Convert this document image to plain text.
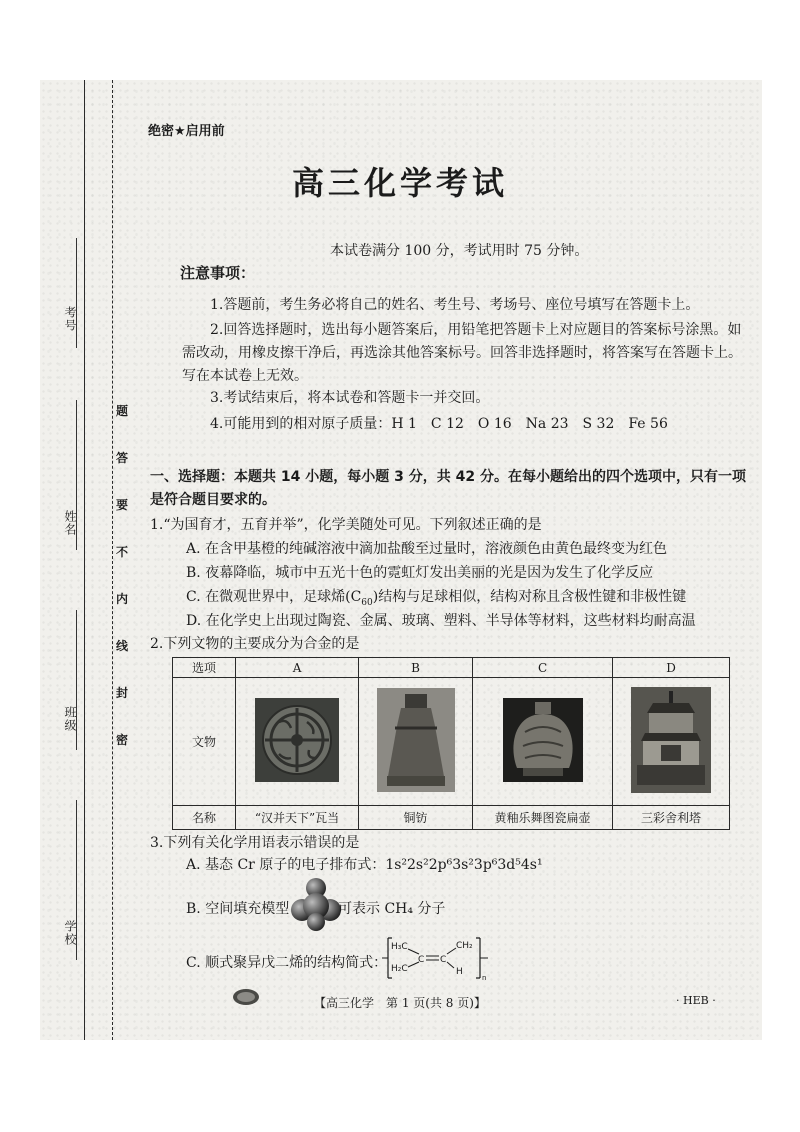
考号
姓名
班级
学校
题
答
要
不
内
线
封
密
绝密★启用前
高三化学考试
本试卷满分 100 分，考试用时 75 分钟。
注意事项：
1.答题前，考生务必将自己的姓名、考生号、考场号、座位号填写在答题卡上。
2.回答选择题时，选出每小题答案后，用铅笔把答题卡上对应题目的答案标号涂黑。如需改动，用橡皮擦干净后，再选涂其他答案标号。回答非选择题时，将答案写在答题卡上。写在本试卷上无效。
3.考试结束后，将本试卷和答题卡一并交回。
4.可能用到的相对原子质量：H 1　C 12　O 16　Na 23　S 32　Fe 56
一、选择题：本题共 14 小题，每小题 3 分，共 42 分。在每小题给出的四个选项中，只有一项是符合题目要求的。
1.“为国育才，五育并举”，化学美随处可见。下列叙述正确的是
A. 在含甲基橙的纯碱溶液中滴加盐酸至过量时，溶液颜色由黄色最终变为红色
B. 夜幕降临，城市中五光十色的霓虹灯发出美丽的光是因为发生了化学反应
C. 在微观世界中，足球烯$(C_{60})$结构与足球相似，结构对称且含极性键和非极性键
D. 在化学史上出现过陶瓷、金属、玻璃、塑料、半导体等材料，这些材料均耐高温
2.下列文物的主要成分为合金的是
选项	A	B	C	D
文物				
名称	“汉并天下”瓦当	铜钫	黄釉乐舞图瓷扁壶	三彩舍利塔
3.下列有关化学用语表示错误的是
A. 基态 Cr 原子的电子排布式：1s²2s²2p⁶3s²3p⁶3d⁵4s¹
B. 空间填充模型	可表示 CH₄ 分子
C. 顺式聚异戊二烯的结构简式：
H₃C
H₂C
C C
CH₂
H
n
【高三化学　第 1 页(共 8 页)】	· HEB ·
